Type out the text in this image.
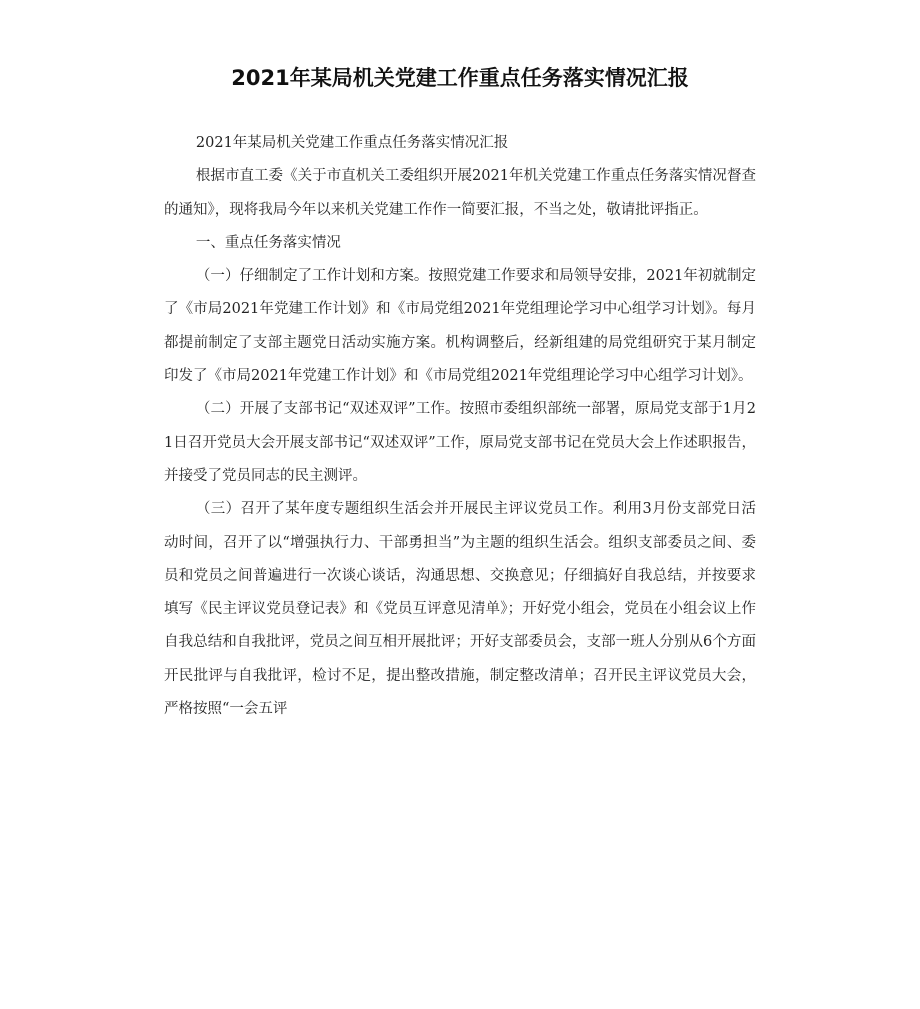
2021年某局机关党建工作重点任务落实情况汇报

2021年某局机关党建工作重点任务落实情况汇报

根据市直工委《关于市直机关工委组织开展2021年机关党建工作重点任务落实情况督查的通知》，现将我局今年以来机关党建工作作一简要汇报，不当之处，敬请批评指正。

一、重点任务落实情况

（一）仔细制定了工作计划和方案。按照党建工作要求和局领导安排，2021年初就制定了《市局2021年党建工作计划》和《市局党组2021年党组理论学习中心组学习计划》。每月都提前制定了支部主题党日活动实施方案。机构调整后，经新组建的局党组研究于某月制定印发了《市局2021年党建工作计划》和《市局党组2021年党组理论学习中心组学习计划》。

（二）开展了支部书记“双述双评”工作。按照市委组织部统一部署，原局党支部于1月21日召开党员大会开展支部书记“双述双评”工作，原局党支部书记在党员大会上作述职报告，并接受了党员同志的民主测评。

（三）召开了某年度专题组织生活会并开展民主评议党员工作。利用3月份支部党日活动时间，召开了以“增强执行力、干部勇担当”为主题的组织生活会。组织支部委员之间、委员和党员之间普遍进行一次谈心谈话，沟通思想、交换意见；仔细搞好自我总结，并按要求填写《民主评议党员登记表》和《党员互评意见清单》；开好党小组会，党员在小组会议上作自我总结和自我批评，党员之间互相开展批评；开好支部委员会，支部一班人分别从6个方面开民批评与自我批评，检讨不足，提出整改措施，制定整改清单；召开民主评议党员大会，严格按照“一会五评
